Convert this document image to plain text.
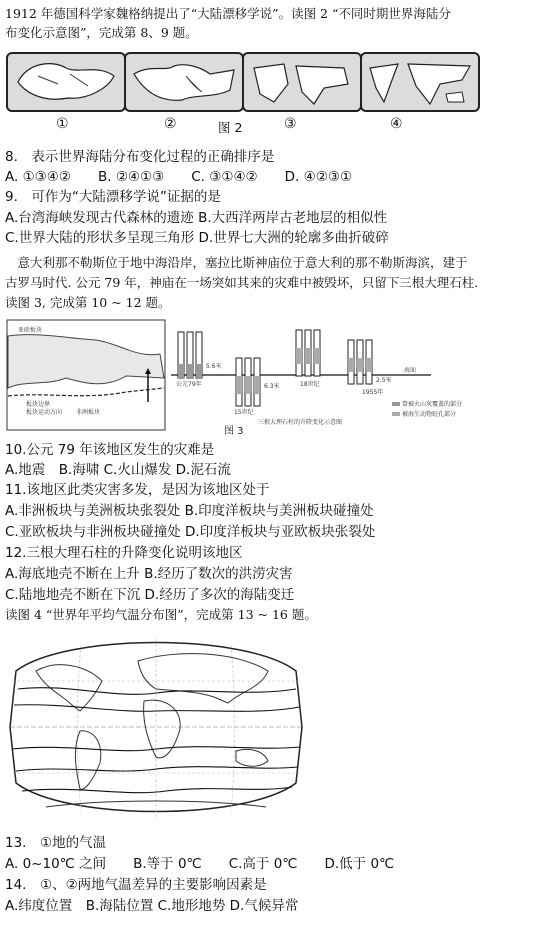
1912 年德国科学家魏格纳提出了“大陆漂移学说”。读图 2 “不同时期世界海陆分
布变化示意图”，完成第 8、9 题。
①	②	图 2	③	④
8.　表示世界海陆分布变化过程的正确排序是
A. ①③④②　　B. ②④①③　　C. ③①④②　　D. ④②③①
9.　可作为“大陆漂移学说”证据的是
A.台湾海峡发现古代森林的遗迹 B.大西洋两岸古老地层的相似性
C.世界大陆的形状多呈现三角形 D.世界七大洲的轮廓多曲折破碎
　意大利那不勒斯位于地中海沿岸，塞拉比斯神庙位于意大利的那不勒斯海滨，建于
古罗马时代. 公元 79 年，神庙在一场突如其来的灾难中被毁坏，只留下三根大理石柱.
读图 3, 完成第 10 ~ 12 题。
亚欧板块
非洲板块
板块边界
板块运动方向
海面
5.6米
公元79年	6.3米
15世纪
18世纪
2.5米
1955年
三根大理石柱的升降变化示意图
曾被火山灰覆盖的部分
被海生动物蛀孔部分
图 3
10.公元 79 年该地区发生的灾难是
A.地震　B.海啸 C.火山爆发 D.泥石流
11.该地区此类灾害多发，是因为该地区处于
A.非洲板块与美洲板块张裂处 B.印度洋板块与美洲板块碰撞处
C.亚欧板块与非洲板块碰撞处 D.印度洋板块与亚欧板块张裂处
12.三根大理石柱的升降变化说明该地区
A.海底地壳不断在上升 B.经历了数次的洪涝灾害
C.陆地地壳不断在下沉 D.经历了多次的海陆变迁
读图 4 “世界年平均气温分布图”，完成第 13 ~ 16 题。
13.　①地的气温
A. 0~10℃ 之间　　B.等于 0℃　　C.高于 0℃　　D.低于 0℃
14.　①、②两地气温差异的主要影响因素是
A.纬度位置　B.海陆位置 C.地形地势 D.气候异常
